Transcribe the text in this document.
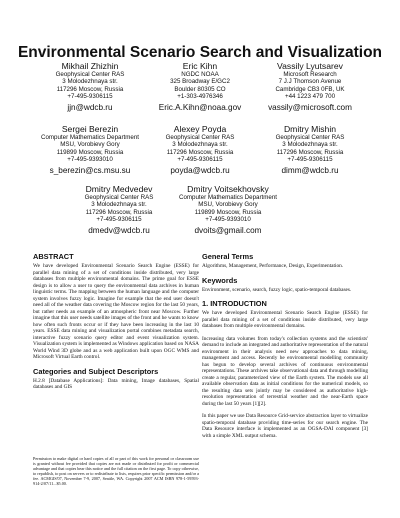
Environmental Scenario Search and Visualization
Mikhail Zhizhin
Geophysical Center RAS
3 Molodezhnaya str.
117296 Moscow, Russia
+7-495-9306115
jjn@wdcb.ru
Eric Kihn
NGDC NOAA
325 Broadway E/GC2
Boulder 80305 CO
+1-303-4976346
Eric.A.Kihn@noaa.gov
Vassily Lyutsarev
Microsoft Research
7 J.J Thomson Avenue
Cambridge CB3 0FB, UK
+44 1223 479 700
vassily@microsoft.com
Sergei Berezin
Computer Mathematics Department
MSU, Vorobievy Gory
119899 Moscow, Russia
+7-495-9393010
s_berezin@cs.msu.su
Alexey Poyda
Geophysical Center RAS
3 Molodezhnaya str.
117296 Moscow, Russia
+7-495-9306115
poyda@wdcb.ru
Dmitry Mishin
Geophysical Center RAS
3 Molodezhnaya str.
117296 Moscow, Russia
+7-495-9306115
dimm@wdcb.ru
Dmitry Medvedev
Geophysical Center RAS
3 Molodezhnaya str.
117296 Moscow, Russia
+7-495-9306115
dmedv@wdcb.ru
Dmitry Voitsekhovsky
Computer Mathematics Department
MSU, Vorobievy Gory
119899 Moscow, Russia
+7-495-9393010
dvoits@gmail.com
ABSTRACT
We have developed Environmental Scenario Search Engine (ESSE) for parallel data mining of a set of conditions inside distributed, very large databases from multiple environmental domains. The prime goal for ESSE design is to allow a user to query the environmental data archives in human linguistic terms. The mapping between the human language and the computer system involves fuzzy logic. Imagine for example that the end user doesn't need all of the weather data covering the Moscow region for the last 50 years, but rather needs an example of an atmospheric front near Moscow. Further imagine that this user needs satellite images of the front and he wants to know how often such fronts occur or if they have been increasing in the last 10 years. ESSE data mining and visualization portal combines metadata search, interactive fuzzy scenario query editor and event visualization system. Visualization system is implemented as Windows application based on NASA World Wind 3D globe and as a web application built upon OGC WMS and Microsoft Virtual Earth control.
Categories and Subject Descriptors
H.2.8 [Database Applications]: Data mining, Image databases, Spatial databases and GIS
Permission to make digital or hard copies of all or part of this work for personal or classroom use is granted without fee provided that copies are not made or distributed for profit or commercial advantage and that copies bear this notice and the full citation on the first page. To copy otherwise, to republish, to post on servers or to redistribute to lists, requires prior specific permission and/or a fee. ACMGIS'07, November 7-9, 2007, Seattle, WA. Copyright 2007 ACM ISBN 978-1-59593-914-2/07/11...$5.00.
General Terms
Algorithms, Management, Performance, Design, Experimentation.
Keywords
Environment, scenario, search, fuzzy logic, spatio-temporal databases.
1. INTRODUCTION
We have developed Environmental Scenario Search Engine (ESSE) for parallel data mining of a set of conditions inside distributed, very large databases from multiple environmental domains.
Increasing data volumes from today's collection systems and the scientists' demand to include an integrated and authoritative representation of the natural environment in their analysis need new approaches to data mining, management and access. Recently he environmental modelling community has begun to develop several archives of continuous environmental representations. These archives take observational data and through modelling create a regular, parameterized view of the Earth system. The models use all available observation data as initial conditions for the numerical models, so the resulting data sets jointly may be considered as authoritative high-resolution representation of terrestrial weather and the near-Earth space during the last 50 years [1][2].
In this paper we use Data Resource Grid-service abstraction layer to virtualize spatio-temporal database providing time-series for our search engine. The Data Resource interface is implemented as an OGSA-DAI component [3] with a simple XML output schema.
